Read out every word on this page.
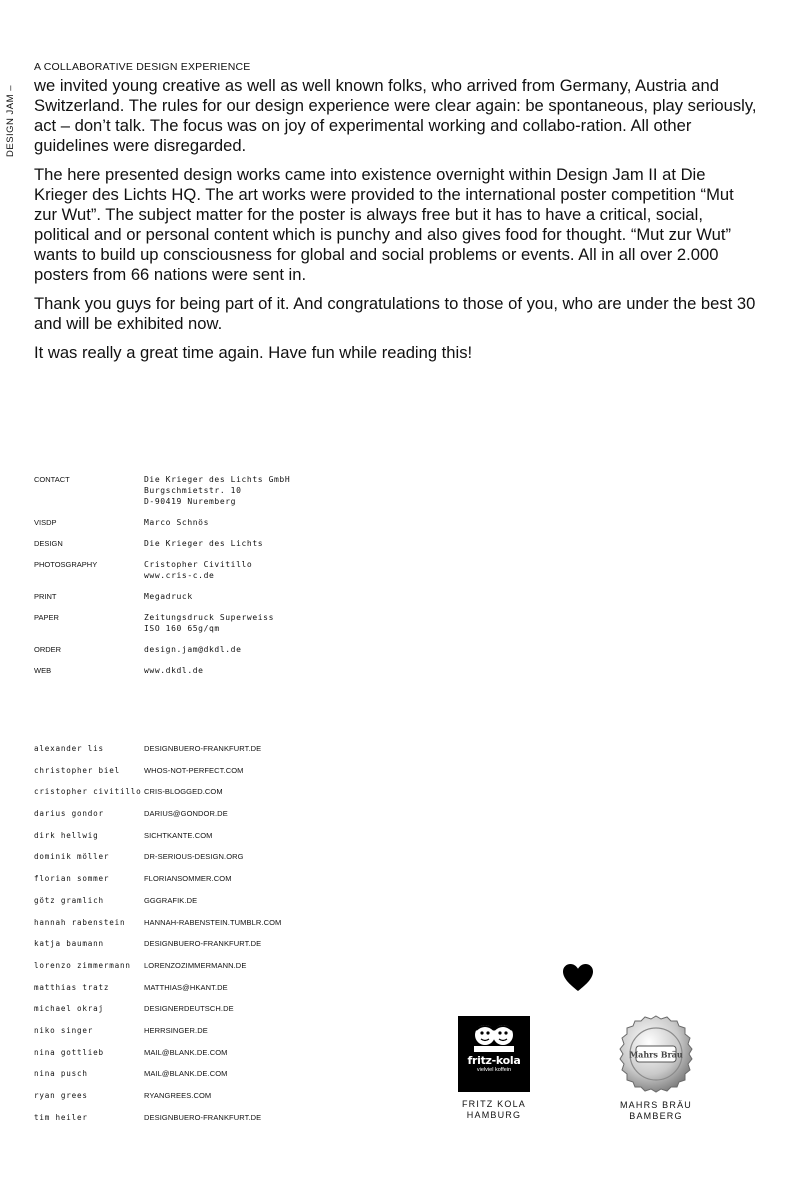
DESIGN JAM –
A COLLABORATIVE DESIGN EXPERIENCE

we invited young creative as well as well known folks, who arrived from Germany, Austria and Switzerland. The rules for our design experience were clear again: be spontaneous, play seriously, act – don’t talk. The focus was on joy of experimental working and collabo-ration. All other guidelines were disregarded.

The here presented design works came into existence overnight within Design Jam II at Die Krieger des Lichts HQ. The art works were provided to the international poster competition “Mut zur Wut”. The subject matter for the poster is always free but it has to have a critical, social, political and or personal content which is punchy and also gives food for thought. “Mut zur Wut” wants to build up consciousness for global and social problems or events. All in all over 2.000 posters from 66 nations were sent in.

Thank you guys for being part of it. And congratulations to those of you, who are under the best 30 and will be exhibited now.

It was really a great time again. Have fun while reading this!

CONTACT	Die Krieger des Lichts GmbH
Burgschmietstr. 10
D-90419 Nuremberg
VISDP	Marco Schnös
DESIGN	Die Krieger des Lichts
PHOTOSGRAPHY	Cristopher Civitillo
www.cris-c.de
PRINT	Megadruck
PAPER	Zeitungsdruck Superweiss
ISO 160 65g/qm
ORDER	design.jam@dkdl.de
WEB	www.dkdl.de
alexander lis	DESIGNBUERO-FRANKFURT.DE
christopher biel	WHOS-NOT-PERFECT.COM
cristopher civitillo CRIS-BLOGGED.COM
darius gondor	DARIUS@GONDOR.DE
dirk hellwig	SICHTKANTE.COM
dominik möller	DR-SERIOUS-DESIGN.ORG
florian sommer	FLORIANSOMMER.COM
götz gramlich	GGGRAFIK.DE
hannah rabenstein	HANNAH-RABENSTEIN.TUMBLR.COM
katja baumann	DESIGNBUERO-FRANKFURT.DE
lorenzo zimmermann	LORENZOZIMMERMANN.DE
matthias tratz	MATTHIAS@HKANT.DE
michael okraj	DESIGNERDEUTSCH.DE
niko singer	HERRSINGER.DE
nina gottlieb	MAIL@BLANK.DE.COM
nina pusch	MAIL@BLANK.DE.COM
ryan grees	RYANGREES.COM
tim heiler	DESIGNBUERO-FRANKFURT.DE
fritz-kola
vielviel koffein
Mahrs Bräu
FRITZ KOLA
HAMBURG
MAHRS BRÄU
BAMBERG
